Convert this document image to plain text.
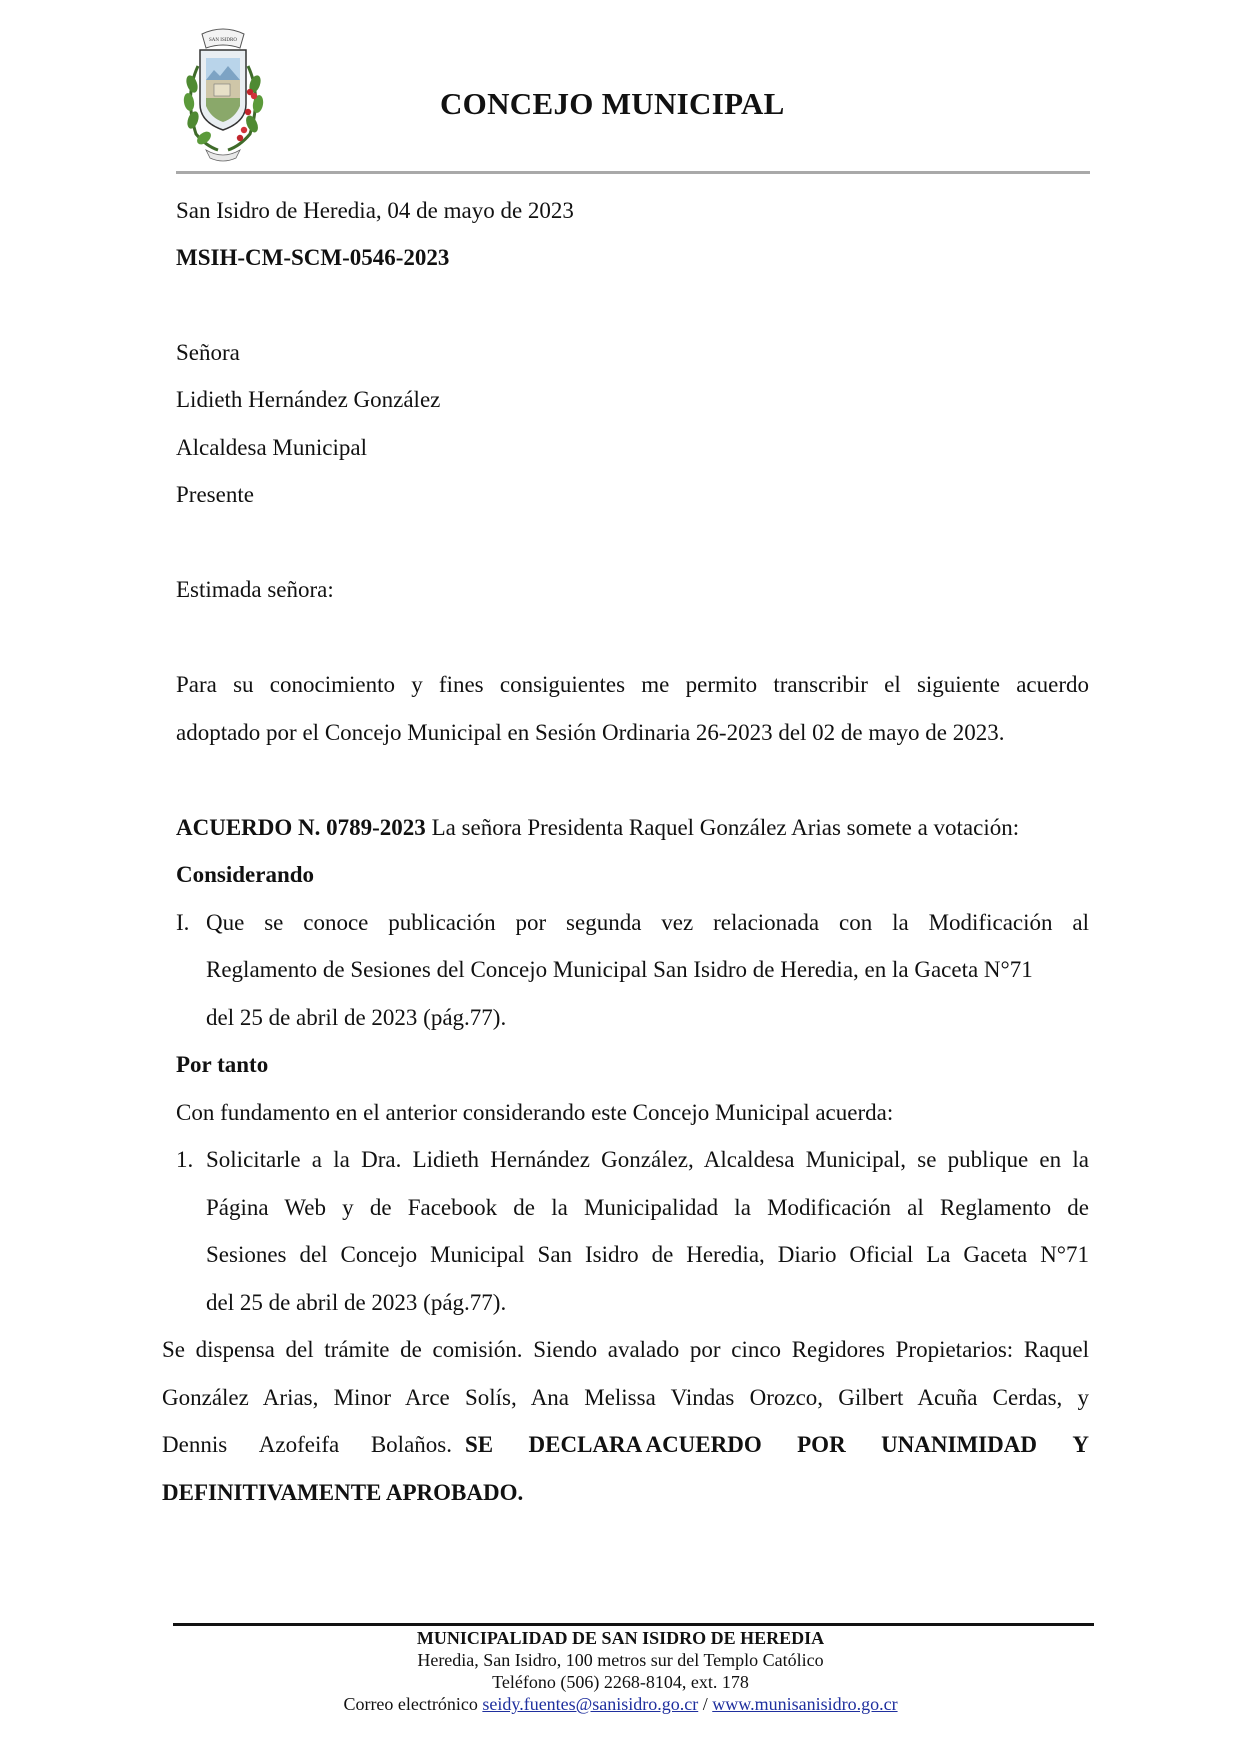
SAN ISIDRO
CONCEJO MUNICIPAL
San Isidro de Heredia, 04 de mayo de 2023
MSIH-CM-SCM-0546-2023
Señora
Lidieth Hernández González
Alcaldesa Municipal
Presente
Estimada señora:
Para su conocimiento y fines consiguientes me permito transcribir el siguiente acuerdo
adoptado por el Concejo Municipal en Sesión Ordinaria 26-2023 del 02 de mayo de 2023.
ACUERDO N. 0789-2023 La señora Presidenta Raquel González Arias somete a votación:
Considerando
I. Que se conoce publicación por segunda vez relacionada con la Modificación al
Reglamento de Sesiones del Concejo Municipal San Isidro de Heredia, en la Gaceta N°71
del 25 de abril de 2023 (pág.77).
Por tanto
Con fundamento en el anterior considerando este Concejo Municipal acuerda:
1. Solicitarle a la Dra. Lidieth Hernández González, Alcaldesa Municipal, se publique en la
Página Web y de Facebook de la Municipalidad la Modificación al Reglamento de
Sesiones del Concejo Municipal San Isidro de Heredia, Diario Oficial La Gaceta N°71
del 25 de abril de 2023 (pág.77).
Se dispensa del trámite de comisión. Siendo avalado por cinco Regidores Propietarios: Raquel
González Arias, Minor Arce Solís, Ana Melissa Vindas Orozco, Gilbert Acuña Cerdas, y
Dennis Azofeifa Bolaños. SE DECLARA ACUERDO POR UNANIMIDAD Y
DEFINITIVAMENTE APROBADO.
MUNICIPALIDAD DE SAN ISIDRO DE HEREDIA
Heredia, San Isidro, 100 metros sur del Templo Católico
Teléfono (506) 2268-8104, ext. 178
Correo electrónico seidy.fuentes@sanisidro.go.cr / www.munisanisidro.go.cr
